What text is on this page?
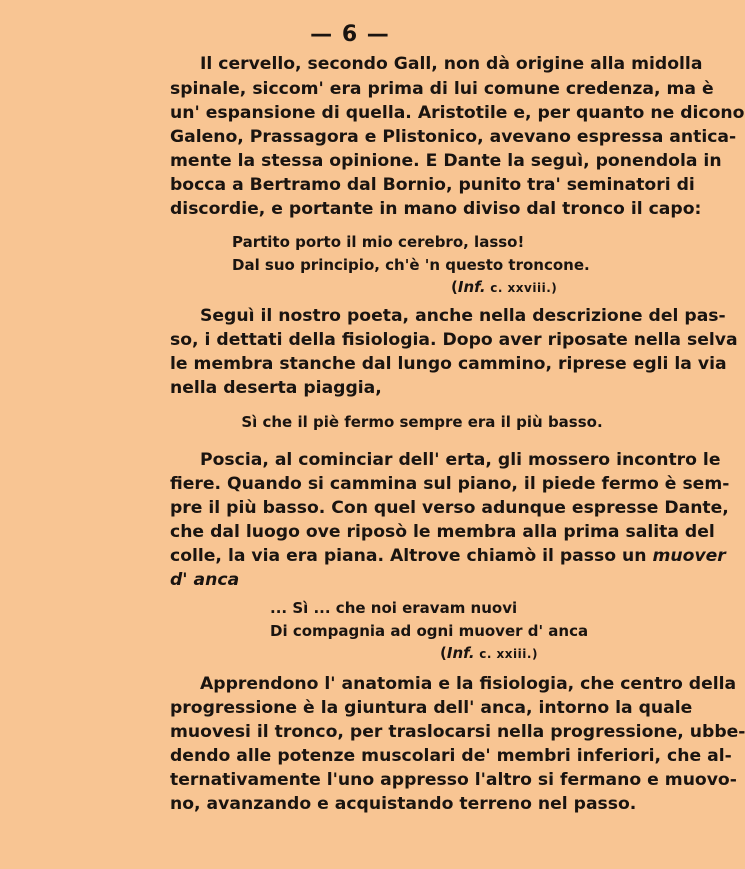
— 6 —
Il cervello, secondo Gall, non dà origine alla midolla
spinale, siccom' era prima di lui comune credenza, ma è
un' espansione di quella. Aristotile e, per quanto ne dicono
Galeno, Prassagora e Plistonico, avevano espressa antica-
mente la stessa opinione. E Dante la seguì, ponendola in
bocca a Bertramo dal Bornio, punito tra' seminatori di
discordie, e portante in mano diviso dal tronco il capo:
Partito porto il mio cerebro, lasso!
Dal suo principio, ch'è 'n questo troncone.
(Inf. c. xxviii.)
Seguì il nostro poeta, anche nella descrizione del pas-
so, i dettati della fisiologia. Dopo aver riposate nella selva
le membra stanche dal lungo cammino, riprese egli la via
nella deserta piaggia,
Sì che il piè fermo sempre era il più basso.
Poscia, al cominciar dell' erta, gli mossero incontro le
fiere. Quando si cammina sul piano, il piede fermo è sem-
pre il più basso. Con quel verso adunque espresse Dante,
che dal luogo ove riposò le membra alla prima salita del
colle, la via era piana. Altrove chiamò il passo un muover
d' anca
... Sì ... che noi eravam nuovi
Di compagnia ad ogni muover d' anca
(Inf. c. xxiii.)
Apprendono l' anatomia e la fisiologia, che centro della
progressione è la giuntura dell' anca, intorno la quale
muovesi il tronco, per traslocarsi nella progressione, ubbe-
dendo alle potenze muscolari de' membri inferiori, che al-
ternativamente l'uno appresso l'altro si fermano e muovo-
no, avanzando e acquistando terreno nel passo.
